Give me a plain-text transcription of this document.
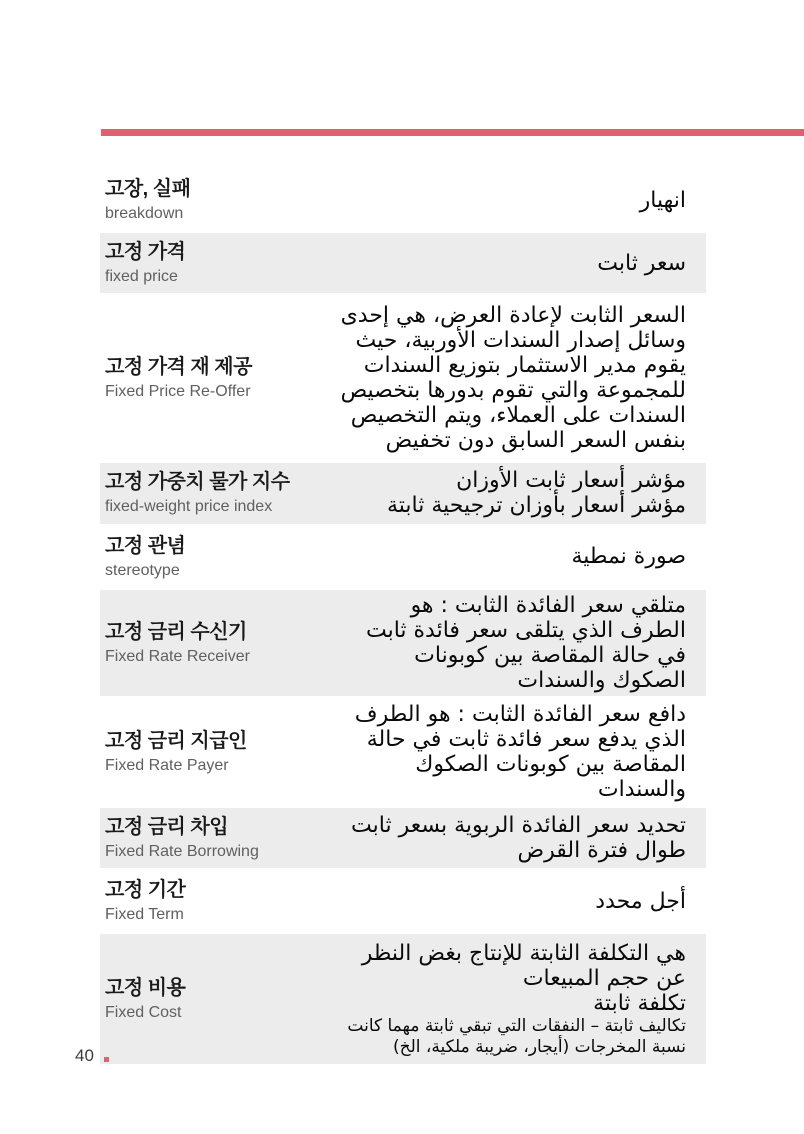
고장, 실패
breakdown
انهيار
고정 가격
fixed price
سعر ثابت
고정 가격 재 제공
Fixed Price Re-Offer
السعر الثابت لإعادة العرض، هي إحدى
وسائل إصدار السندات الأوربية، حيث
يقوم مدير الاستثمار بتوزيع السندات
للمجموعة والتي تقوم بدورها بتخصيص
السندات على العملاء، ويتم التخصيص
بنفس السعر السابق دون تخفيض
고정 가중치 물가 지수
fixed-weight price index
مؤشر أسعار ثابت الأوزان
مؤشر أسعار بأوزان ترجيحية ثابتة
고정 관념
stereotype
صورة نمطية
고정 금리 수신기
Fixed Rate Receiver
متلقي سعر الفائدة الثابت : هو
الطرف الذي يتلقى سعر فائدة ثابت
في حالة المقاصة بين كوبونات
الصكوك والسندات
고정 금리 지급인
Fixed Rate Payer
دافع سعر الفائدة الثابت : هو الطرف
الذي يدفع سعر فائدة ثابت في حالة
المقاصة بين كوبونات الصكوك
والسندات
고정 금리 차입
Fixed Rate Borrowing
تحديد سعر الفائدة الربوية بسعر ثابت
طوال فترة القرض
고정 기간
Fixed Term
أجل محدد
고정 비용
Fixed Cost
هي التكلفة الثابتة للإنتاج بغض النظر
عن حجم المبيعات
تكلفة ثابتة
تكاليف ثابتة – النفقات التي تبقي ثابتة مهما كانت
نسبة المخرجات (أيجار، ضريبة ملكية، الخ)
40
